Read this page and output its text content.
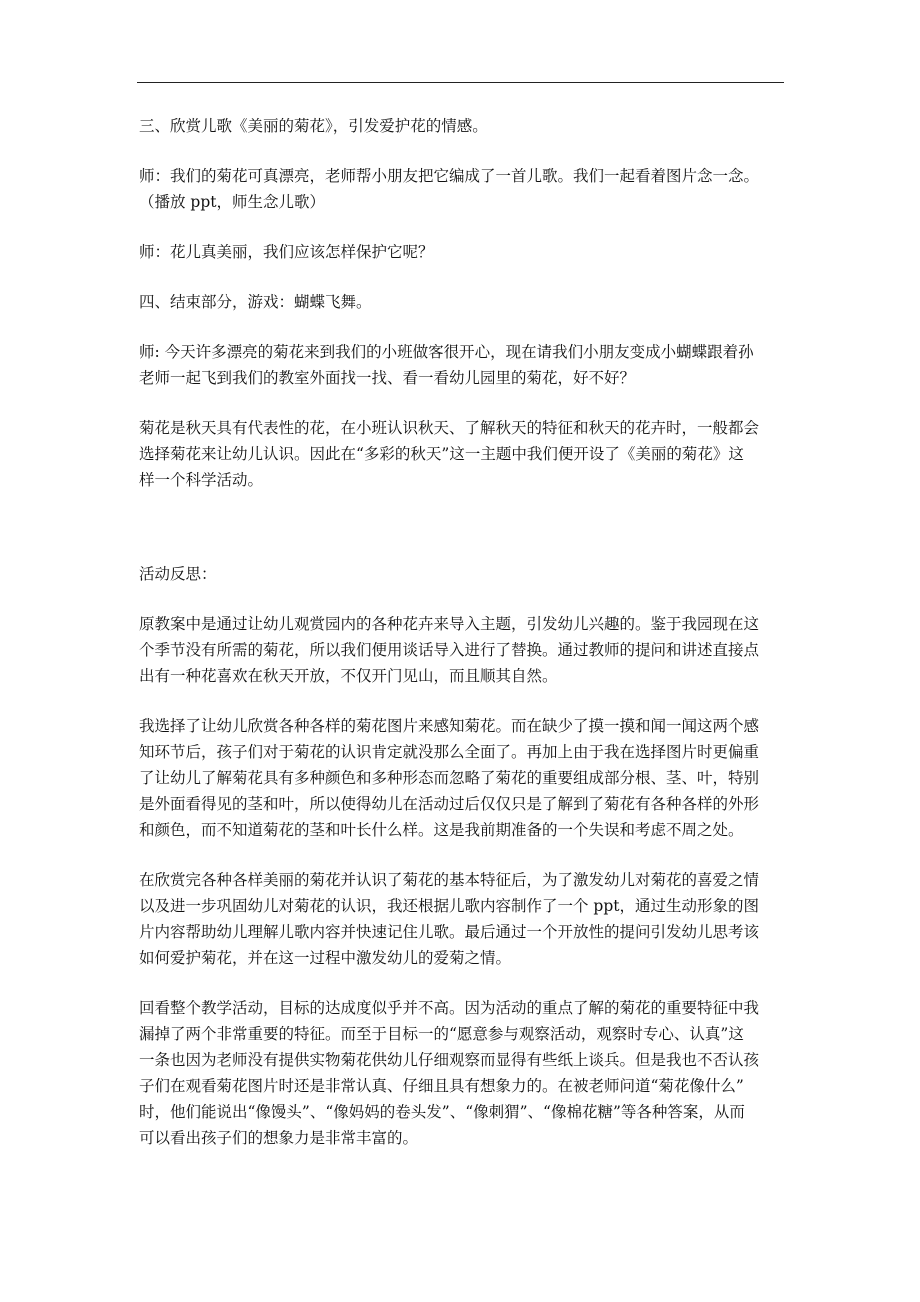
三、欣赏儿歌《美丽的菊花》，引发爱护花的情感。

师：我们的菊花可真漂亮，老师帮小朋友把它编成了一首儿歌。我们一起看着图片念一念。
（播放 ppt，师生念儿歌）

师：花儿真美丽，我们应该怎样保护它呢？

四、结束部分，游戏：蝴蝶飞舞。

师: 今天许多漂亮的菊花来到我们的小班做客很开心，现在请我们小朋友变成小蝴蝶跟着孙
老师一起飞到我们的教室外面找一找、看一看幼儿园里的菊花，好不好？

菊花是秋天具有代表性的花，在小班认识秋天、了解秋天的特征和秋天的花卉时，一般都会
选择菊花来让幼儿认识。因此在“多彩的秋天”这一主题中我们便开设了《美丽的菊花》这
样一个科学活动。

活动反思：

原教案中是通过让幼儿观赏园内的各种花卉来导入主题，引发幼儿兴趣的。鉴于我园现在这
个季节没有所需的菊花，所以我们便用谈话导入进行了替换。通过教师的提问和讲述直接点
出有一种花喜欢在秋天开放，不仅开门见山，而且顺其自然。

我选择了让幼儿欣赏各种各样的菊花图片来感知菊花。而在缺少了摸一摸和闻一闻这两个感
知环节后，孩子们对于菊花的认识肯定就没那么全面了。再加上由于我在选择图片时更偏重
了让幼儿了解菊花具有多种颜色和多种形态而忽略了菊花的重要组成部分根、茎、叶，特别
是外面看得见的茎和叶，所以使得幼儿在活动过后仅仅只是了解到了菊花有各种各样的外形
和颜色，而不知道菊花的茎和叶长什么样。这是我前期准备的一个失误和考虑不周之处。

在欣赏完各种各样美丽的菊花并认识了菊花的基本特征后，为了激发幼儿对菊花的喜爱之情
以及进一步巩固幼儿对菊花的认识，我还根据儿歌内容制作了一个 ppt，通过生动形象的图
片内容帮助幼儿理解儿歌内容并快速记住儿歌。最后通过一个开放性的提问引发幼儿思考该
如何爱护菊花，并在这一过程中激发幼儿的爱菊之情。

回看整个教学活动，目标的达成度似乎并不高。因为活动的重点了解的菊花的重要特征中我
漏掉了两个非常重要的特征。而至于目标一的“愿意参与观察活动，观察时专心、认真”这
一条也因为老师没有提供实物菊花供幼儿仔细观察而显得有些纸上谈兵。但是我也不否认孩
子们在观看菊花图片时还是非常认真、仔细且具有想象力的。在被老师问道“菊花像什么”
时，他们能说出“像馒头”、“像妈妈的卷头发”、“像刺猬”、“像棉花糖”等各种答案，从而
可以看出孩子们的想象力是非常丰富的。
